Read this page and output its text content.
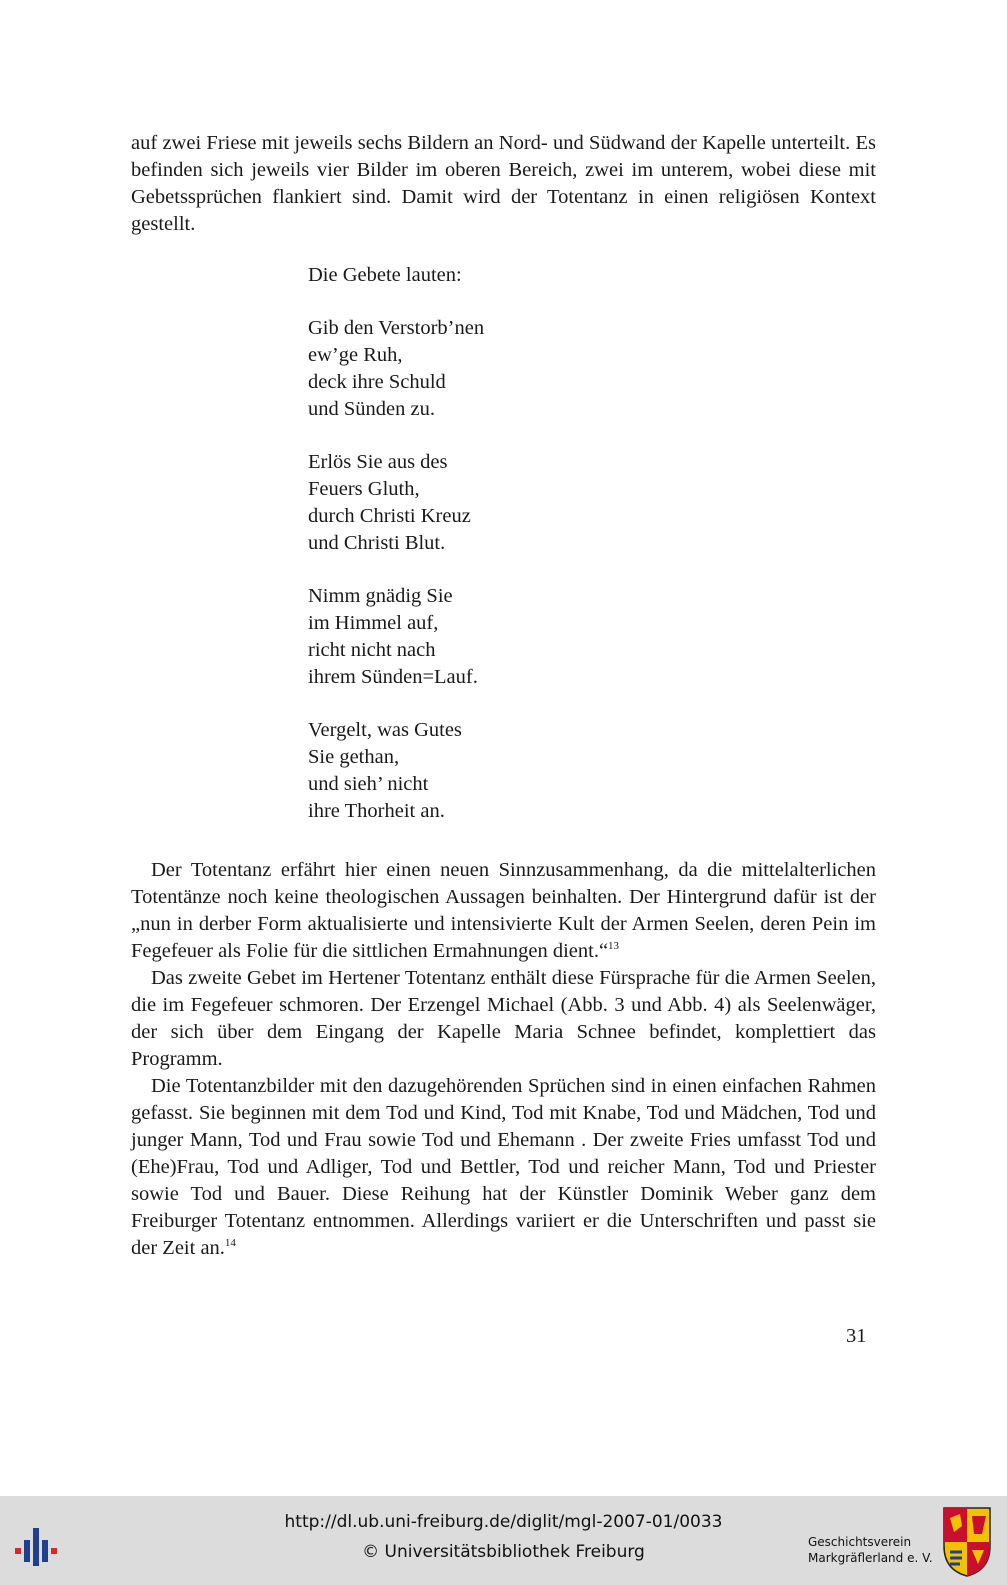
auf zwei Friese mit jeweils sechs Bildern an Nord- und Südwand der Kapelle unterteilt. Es befinden sich jeweils vier Bilder im oberen Bereich, zwei im unterem, wobei diese mit Gebetssprüchen flankiert sind. Damit wird der Totentanz in einen religiösen Kontext gestellt.
Die Gebete lauten:
Gib den Verstorb’nen
ew’ge Ruh,
deck ihre Schuld
und Sünden zu.
Erlös Sie aus des
Feuers Gluth,
durch Christi Kreuz
und Christi Blut.
Nimm gnädig Sie
im Himmel auf,
richt nicht nach
ihrem Sünden=Lauf.
Vergelt, was Gutes
Sie gethan,
und sieh’ nicht
ihre Thorheit an.

Der Totentanz erfährt hier einen neuen Sinnzusammenhang, da die mittelalterlichen Totentänze noch keine theologischen Aussagen beinhalten. Der Hintergrund dafür ist der „nun in derber Form aktualisierte und intensivierte Kult der Armen Seelen, deren Pein im Fegefeuer als Folie für die sittlichen Ermahnungen dient.“$^{13}$

Das zweite Gebet im Hertener Totentanz enthält diese Fürsprache für die Armen Seelen, die im Fegefeuer schmoren. Der Erzengel Michael (Abb. 3 und Abb. 4) als Seelenwäger, der sich über dem Eingang der Kapelle Maria Schnee befindet, komplettiert das Programm.

Die Totentanzbilder mit den dazugehörenden Sprüchen sind in einen einfachen Rahmen gefasst. Sie beginnen mit dem Tod und Kind, Tod mit Knabe, Tod und Mädchen, Tod und junger Mann, Tod und Frau sowie Tod und Ehemann . Der zweite Fries umfasst Tod und (Ehe)Frau, Tod und Adliger, Tod und Bettler, Tod und reicher Mann, Tod und Priester sowie Tod und Bauer. Diese Reihung hat der Künstler Dominik Weber ganz dem Freiburger Totentanz entnommen. Allerdings variiert er die Unterschriften und passt sie der Zeit an.$^{14}$

31
http://dl.ub.uni-freiburg.de/diglit/mgl-2007-01/0033
© Universitätsbibliothek Freiburg	Geschichtsverein
Markgräflerland e. V.
